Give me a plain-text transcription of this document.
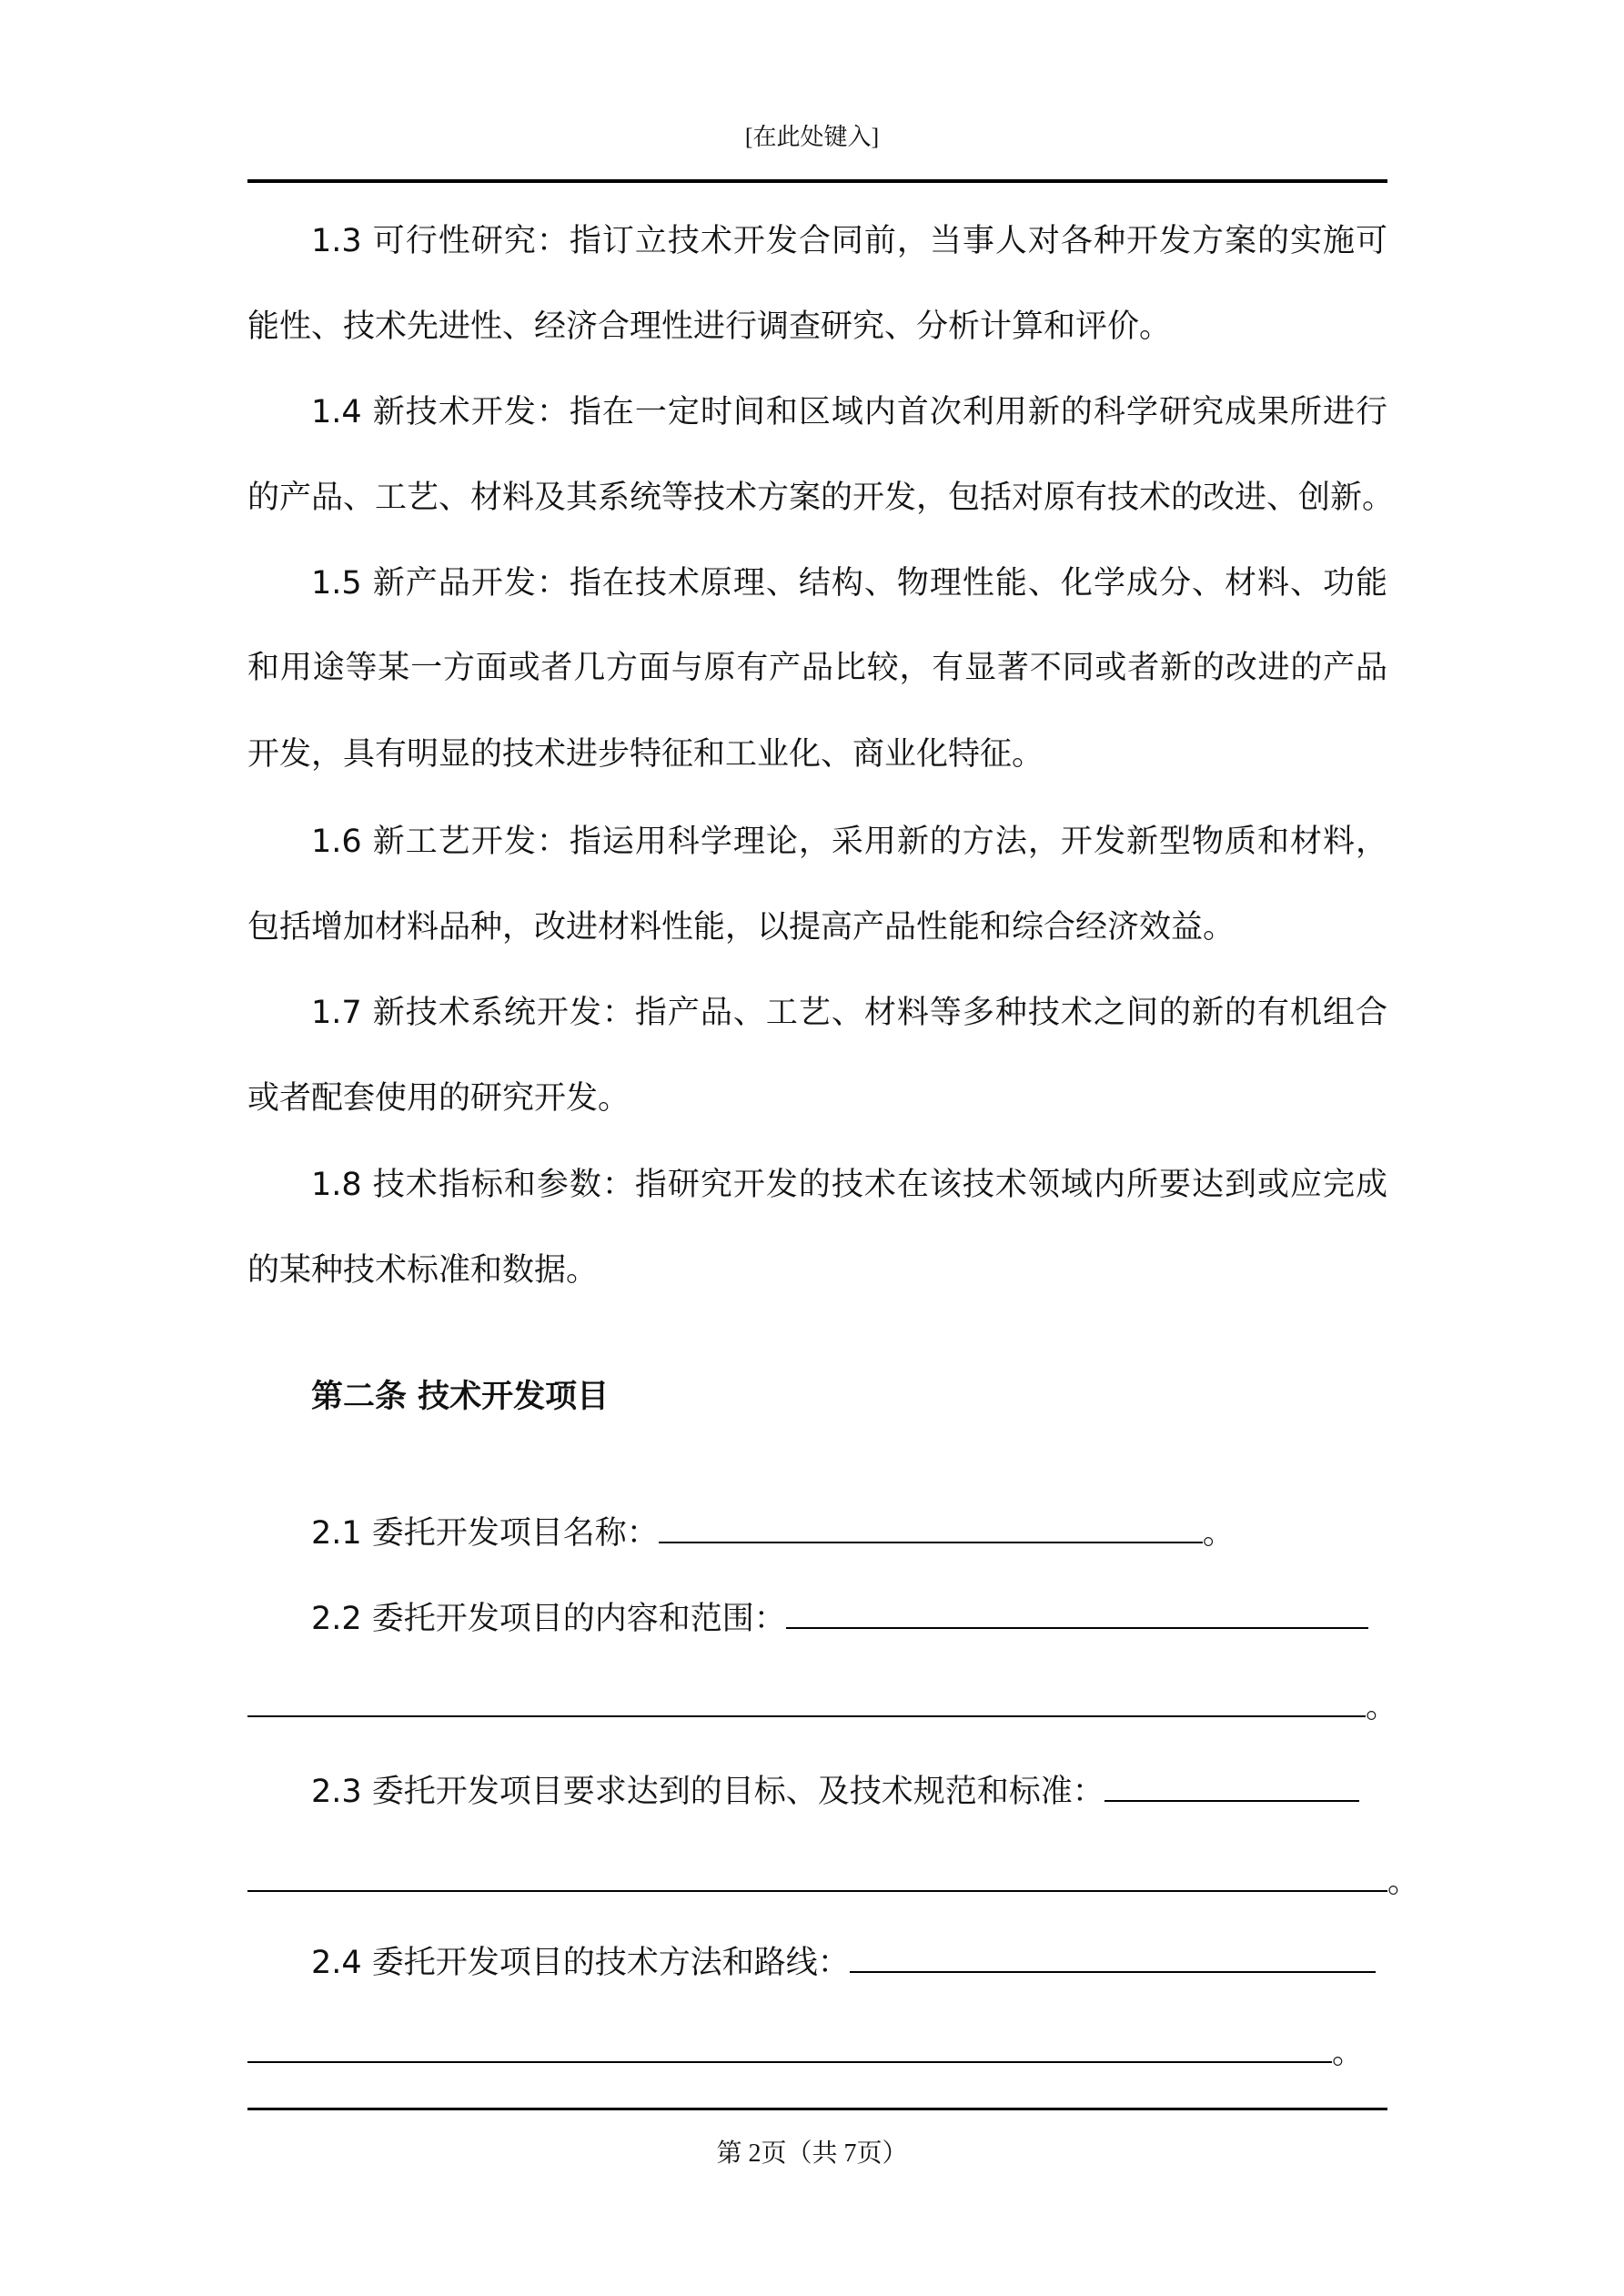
[在此处键入]
1.3 可行性研究：指订立技术开发合同前，当事人对各种开发方案的实施可
能性、技术先进性、经济合理性进行调查研究、分析计算和评价。
1.4 新技术开发：指在一定时间和区域内首次利用新的科学研究成果所进行
的产品、工艺、材料及其系统等技术方案的开发，包括对原有技术的改进、创新。
1.5 新产品开发：指在技术原理、结构、物理性能、化学成分、材料、功能
和用途等某一方面或者几方面与原有产品比较，有显著不同或者新的改进的产品
开发，具有明显的技术进步特征和工业化、商业化特征。
1.6 新工艺开发：指运用科学理论，采用新的方法，开发新型物质和材料，
包括增加材料品种，改进材料性能，以提高产品性能和综合经济效益。
1.7 新技术系统开发：指产品、工艺、材料等多种技术之间的新的有机组合
或者配套使用的研究开发。
1.8 技术指标和参数：指研究开发的技术在该技术领域内所要达到或应完成
的某种技术标准和数据。
第二条 技术开发项目
2.1 委托开发项目名称：	。
2.2 委托开发项目的内容和范围：
。
2.3 委托开发项目要求达到的目标、及技术规范和标准：
。
2.4 委托开发项目的技术方法和路线：
。
第 2页（共 7页）
